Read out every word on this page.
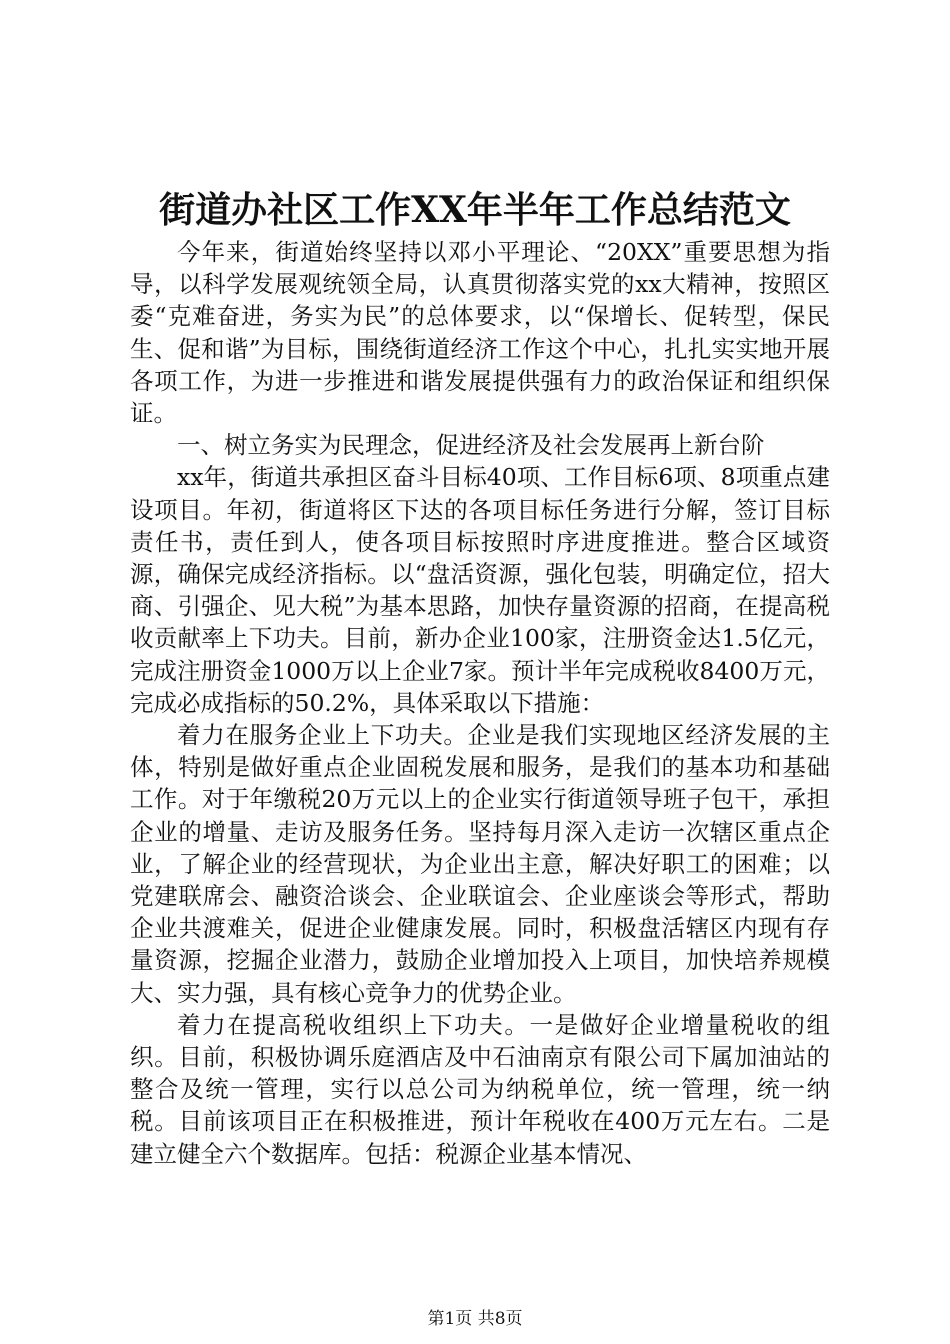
街道办社区工作XX年半年工作总结范文

今年来，街道始终坚持以邓小平理论、“20XX”重要思想为指导，以科学发展观统领全局，认真贯彻落实党的xx大精神，按照区委“克难奋进，务实为民”的总体要求，以“保增长、促转型，保民生、促和谐”为目标，围绕街道经济工作这个中心，扎扎实实地开展各项工作，为进一步推进和谐发展提供强有力的政治保证和组织保证。

一、树立务实为民理念，促进经济及社会发展再上新台阶

xx年，街道共承担区奋斗目标40项、工作目标6项、8项重点建设项目。年初，街道将区下达的各项目标任务进行分解，签订目标责任书，责任到人，使各项目标按照时序进度推进。整合区域资源，确保完成经济指标。以“盘活资源，强化包装，明确定位，招大商、引强企、见大税”为基本思路，加快存量资源的招商，在提高税收贡献率上下功夫。目前，新办企业100家，注册资金达1.5亿元，完成注册资金1000万以上企业7家。预计半年完成税收8400万元，完成必成指标的50.2%，具体采取以下措施：

着力在服务企业上下功夫。企业是我们实现地区经济发展的主体，特别是做好重点企业固税发展和服务，是我们的基本功和基础工作。对于年缴税20万元以上的企业实行街道领导班子包干，承担企业的增量、走访及服务任务。坚持每月深入走访一次辖区重点企业，了解企业的经营现状，为企业出主意，解决好职工的困难；以党建联席会、融资洽谈会、企业联谊会、企业座谈会等形式，帮助企业共渡难关，促进企业健康发展。同时，积极盘活辖区内现有存量资源，挖掘企业潜力，鼓励企业增加投入上项目，加快培养规模大、实力强，具有核心竞争力的优势企业。

着力在提高税收组织上下功夫。一是做好企业增量税收的组织。目前，积极协调乐庭酒店及中石油南京有限公司下属加油站的整合及统一管理，实行以总公司为纳税单位，统一管理，统一纳税。目前该项目正在积极推进，预计年税收在400万元左右。二是建立健全六个数据库。包括：税源企业基本情况、

第1页 共8页
